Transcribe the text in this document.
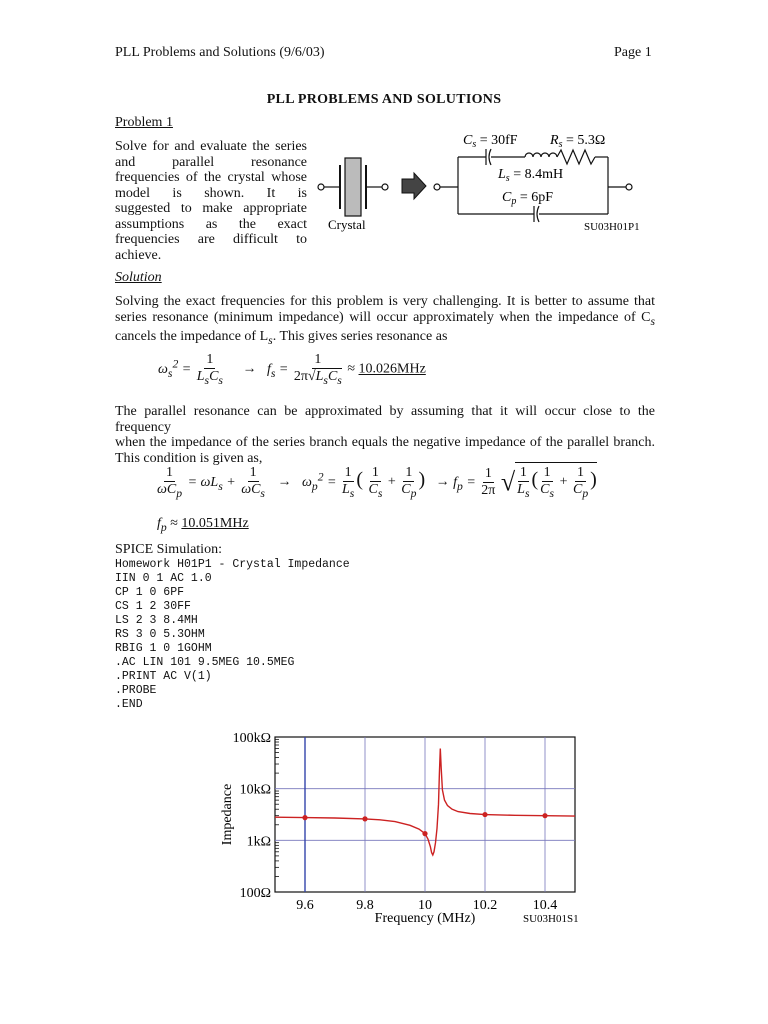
PLL Problems and Solutions (9/6/03)	Page 1
PLL PROBLEMS AND SOLUTIONS
Problem 1
Solve for and evaluate the series
and parallel resonance
frequencies of the crystal whose
model is shown. It is
suggested to make appropriate
assumptions as the exact
frequencies are difficult to
achieve.
Crystal
$C_s = 30fF$ $R_s = 5.3\Omega$
$L_s = 8.4mH$
$C_p = 6pF$
SU03H01P1
Solution
Solving the exact frequencies for this problem is very challenging. It is better to assume that
series resonance (minimum impedance) will occur approximately when the impedance of $C_s$
cancels the impedance of $L_s$. This gives series resonance as
$\omega_s^2 = \frac{1}{L_sC_s} \to f_s = \frac{1}{2\pi√L_sC_s} \approx 10.026MHz$
The parallel resonance can be approximated by assuming that it will occur close to the frequency
when the impedance of the series branch equals the negative impedance of the parallel branch.
This condition is given as,
$\frac{1}{\omega C_p} = \omega L_s + \frac{1}{\omega C_s} \to \omega_p^2 = \frac{1}{L_s}$ ( $\frac{1}{C_s} + \frac{1}{C_p}$ )   → $f_p = \frac{1}{2\pi}$ √ $\frac{1}{L_s}$ ( $\frac{1}{C_s} + \frac{1}{C_p}$ )
$f_p \approx 10.051MHz$
SPICE Simulation:
Homework H01P1 - Crystal Impedance
IIN 0 1 AC 1.0
CP 1 0 6PF
CS 1 2 30FF
LS 2 3 8.4MH
RS 3 0 5.3OHM
RBIG 1 0 1GOHM
.AC LIN 101 9.5MEG 10.5MEG
.PRINT AC V(1)
.PROBE
.END
Impedance
100kΩ
10kΩ
1kΩ
100Ω
9.6	9.8	10	10.2	10.4
Frequency (MHz)	SU03H01S1
